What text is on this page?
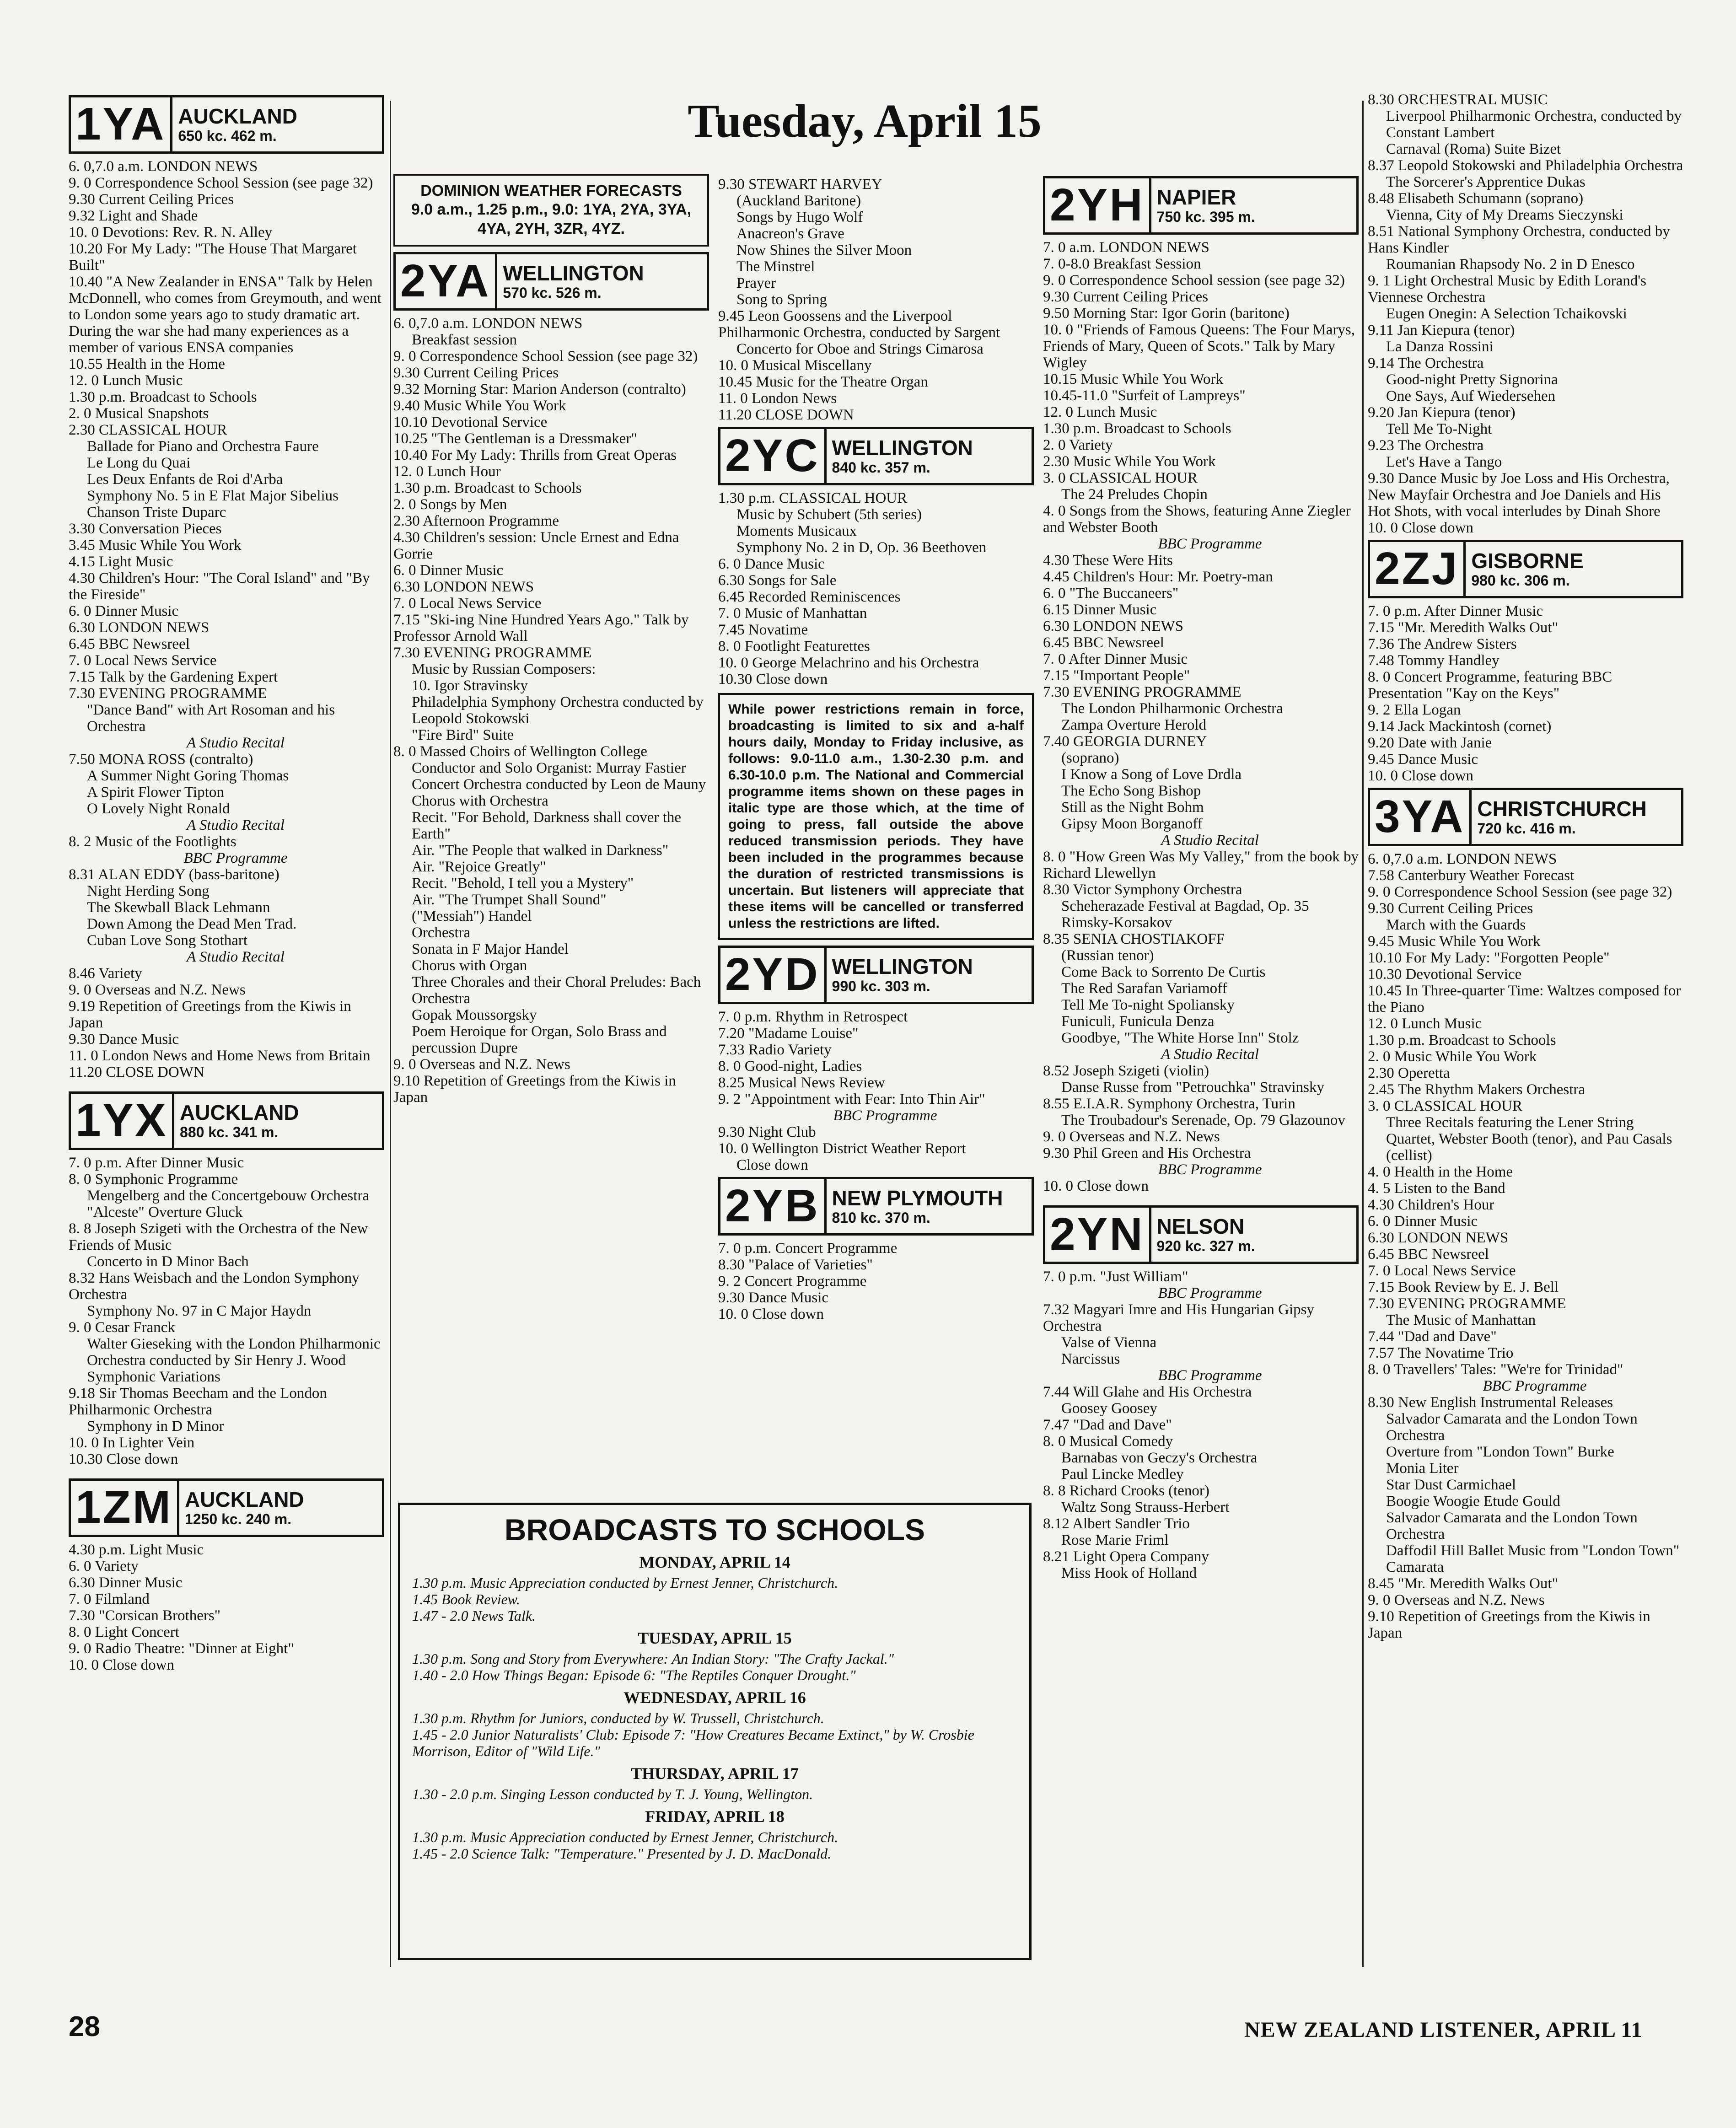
Tuesday, April 15
1YA AUCKLAND
650 kc. 462 m.
6. 0,7.0 a.m. LONDON NEWS
9. 0 Correspondence School Session (see page 32)
9.30 Current Ceiling Prices
9.32 Light and Shade
10. 0 Devotions: Rev. R. N. Alley
10.20 For My Lady: "The House That Margaret Built"
10.40 "A New Zealander in ENSA" Talk by Helen McDonnell, who comes from Greymouth, and went to London some years ago to study dramatic art. During the war she had many experiences as a member of various ENSA companies
10.55 Health in the Home
12. 0 Lunch Music
1.30 p.m. Broadcast to Schools
2. 0 Musical Snapshots
2.30 CLASSICAL HOUR
Ballade for Piano and Orchestra Faure
Le Long du Quai
Les Deux Enfants de Roi d'Arba
Symphony No. 5 in E Flat Major Sibelius
Chanson Triste Duparc
3.30 Conversation Pieces
3.45 Music While You Work
4.15 Light Music
4.30 Children's Hour: "The Coral Island" and "By the Fireside"
6. 0 Dinner Music
6.30 LONDON NEWS
6.45 BBC Newsreel
7. 0 Local News Service
7.15 Talk by the Gardening Expert
7.30 EVENING PROGRAMME
"Dance Band" with Art Rosoman and his Orchestra
A Studio Recital
7.50 MONA ROSS (contralto)
A Summer Night Goring Thomas
A Spirit Flower Tipton
O Lovely Night Ronald
A Studio Recital
8. 2 Music of the Footlights
BBC Programme
8.31 ALAN EDDY (bass-baritone)
Night Herding Song
The Skewball Black Lehmann
Down Among the Dead Men Trad.
Cuban Love Song Stothart
A Studio Recital
8.46 Variety
9. 0 Overseas and N.Z. News
9.19 Repetition of Greetings from the Kiwis in Japan
9.30 Dance Music
11. 0 London News and Home News from Britain
11.20 CLOSE DOWN
1YX AUCKLAND
880 kc. 341 m.
7. 0 p.m. After Dinner Music
8. 0 Symphonic Programme
Mengelberg and the Concertgebouw Orchestra
"Alceste" Overture Gluck
8. 8 Joseph Szigeti with the Orchestra of the New Friends of Music
Concerto in D Minor Bach
8.32 Hans Weisbach and the London Symphony Orchestra
Symphony No. 97 in C Major Haydn
9. 0 Cesar Franck
Walter Gieseking with the London Philharmonic Orchestra conducted by Sir Henry J. Wood
Symphonic Variations
9.18 Sir Thomas Beecham and the London Philharmonic Orchestra
Symphony in D Minor
10. 0 In Lighter Vein
10.30 Close down
1ZM AUCKLAND
1250 kc. 240 m.
4.30 p.m. Light Music
6. 0 Variety
6.30 Dinner Music
7. 0 Filmland
7.30 "Corsican Brothers"
8. 0 Light Concert
9. 0 Radio Theatre: "Dinner at Eight"
10. 0 Close down
DOMINION WEATHER FORECASTS
9.0 a.m., 1.25 p.m., 9.0: 1YA, 2YA, 3YA, 4YA, 2YH, 3ZR, 4YZ.
2YA WELLINGTON
570 kc. 526 m.
6. 0,7.0 a.m. LONDON NEWS
Breakfast session
9. 0 Correspondence School Session (see page 32)
9.30 Current Ceiling Prices
9.32 Morning Star: Marion Anderson (contralto)
9.40 Music While You Work
10.10 Devotional Service
10.25 "The Gentleman is a Dressmaker"
10.40 For My Lady: Thrills from Great Operas
12. 0 Lunch Hour
1.30 p.m. Broadcast to Schools
2. 0 Songs by Men
2.30 Afternoon Programme
4.30 Children's session: Uncle Ernest and Edna Gorrie
6. 0 Dinner Music
6.30 LONDON NEWS
7. 0 Local News Service
7.15 "Ski-ing Nine Hundred Years Ago." Talk by Professor Arnold Wall
7.30 EVENING PROGRAMME
Music by Russian Composers:
10. Igor Stravinsky
Philadelphia Symphony Orchestra conducted by Leopold Stokowski
"Fire Bird" Suite
8. 0 Massed Choirs of Wellington College
Conductor and Solo Organist: Murray Fastier
Concert Orchestra conducted by Leon de Mauny
Chorus with Orchestra
Recit. "For Behold, Darkness shall cover the Earth"
Air. "The People that walked in Darkness"
Air. "Rejoice Greatly"
Recit. "Behold, I tell you a Mystery"
Air. "The Trumpet Shall Sound"
("Messiah") Handel
Orchestra
Sonata in F Major Handel
Chorus with Organ
Three Chorales and their Choral Preludes: Bach
Orchestra
Gopak Moussorgsky
Poem Heroique for Organ, Solo Brass and percussion Dupre
9. 0 Overseas and N.Z. News
9.10 Repetition of Greetings from the Kiwis in Japan
9.30 STEWART HARVEY
(Auckland Baritone)
Songs by Hugo Wolf
Anacreon's Grave
Now Shines the Silver Moon
The Minstrel
Prayer
Song to Spring
9.45 Leon Goossens and the Liverpool Philharmonic Orchestra, conducted by Sargent
Concerto for Oboe and Strings Cimarosa
10. 0 Musical Miscellany
10.45 Music for the Theatre Organ
11. 0 London News
11.20 CLOSE DOWN
2YC WELLINGTON
840 kc. 357 m.
1.30 p.m. CLASSICAL HOUR
Music by Schubert (5th series)
Moments Musicaux
Symphony No. 2 in D, Op. 36 Beethoven
6. 0 Dance Music
6.30 Songs for Sale
6.45 Recorded Reminiscences
7. 0 Music of Manhattan
7.45 Novatime
8. 0 Footlight Featurettes
10. 0 George Melachrino and his Orchestra
10.30 Close down
While power restrictions remain in force, broadcasting is limited to six and a-half hours daily, Monday to Friday inclusive, as follows: 9.0-11.0 a.m., 1.30-2.30 p.m. and 6.30-10.0 p.m. The National and Commercial programme items shown on these pages in italic type are those which, at the time of going to press, fall outside the above reduced transmission periods. They have been included in the programmes because the duration of restricted transmissions is uncertain. But listeners will appreciate that these items will be cancelled or transferred unless the restrictions are lifted.
2YD WELLINGTON
990 kc. 303 m.
7. 0 p.m. Rhythm in Retrospect
7.20 "Madame Louise"
7.33 Radio Variety
8. 0 Good-night, Ladies
8.25 Musical News Review
9. 2 "Appointment with Fear: Into Thin Air"
BBC Programme
9.30 Night Club
10. 0 Wellington District Weather Report
Close down
2YB NEW PLYMOUTH
810 kc. 370 m.
7. 0 p.m. Concert Programme
8.30 "Palace of Varieties"
9. 2 Concert Programme
9.30 Dance Music
10. 0 Close down
2YH NAPIER
750 kc. 395 m.
7. 0 a.m. LONDON NEWS
7. 0-8.0 Breakfast Session
9. 0 Correspondence School session (see page 32)
9.30 Current Ceiling Prices
9.50 Morning Star: Igor Gorin (baritone)
10. 0 "Friends of Famous Queens: The Four Marys, Friends of Mary, Queen of Scots." Talk by Mary Wigley
10.15 Music While You Work
10.45-11.0 "Surfeit of Lampreys"
12. 0 Lunch Music
1.30 p.m. Broadcast to Schools
2. 0 Variety
2.30 Music While You Work
3. 0 CLASSICAL HOUR
The 24 Preludes Chopin
4. 0 Songs from the Shows, featuring Anne Ziegler and Webster Booth
BBC Programme
4.30 These Were Hits
4.45 Children's Hour: Mr. Poetry-man
6. 0 "The Buccaneers"
6.15 Dinner Music
6.30 LONDON NEWS
6.45 BBC Newsreel
7. 0 After Dinner Music
7.15 "Important People"
7.30 EVENING PROGRAMME
The London Philharmonic Orchestra
Zampa Overture Herold
7.40 GEORGIA DURNEY
(soprano)
I Know a Song of Love Drdla
The Echo Song Bishop
Still as the Night Bohm
Gipsy Moon Borganoff
A Studio Recital
8. 0 "How Green Was My Valley," from the book by Richard Llewellyn
8.30 Victor Symphony Orchestra
Scheherazade Festival at Bagdad, Op. 35 Rimsky-Korsakov
8.35 SENIA CHOSTIAKOFF
(Russian tenor)
Come Back to Sorrento De Curtis
The Red Sarafan Variamoff
Tell Me To-night Spoliansky
Funiculi, Funicula Denza
Goodbye, "The White Horse Inn" Stolz
A Studio Recital
8.52 Joseph Szigeti (violin)
Danse Russe from "Petrouchka" Stravinsky
8.55 E.I.A.R. Symphony Orchestra, Turin
The Troubadour's Serenade, Op. 79 Glazounov
9. 0 Overseas and N.Z. News
9.30 Phil Green and His Orchestra
BBC Programme
10. 0 Close down
2YN NELSON
920 kc. 327 m.
7. 0 p.m. "Just William"
BBC Programme
7.32 Magyari Imre and His Hungarian Gipsy Orchestra
Valse of Vienna
Narcissus
BBC Programme
7.44 Will Glahe and His Orchestra
Goosey Goosey
7.47 "Dad and Dave"
8. 0 Musical Comedy
Barnabas von Geczy's Orchestra
Paul Lincke Medley
8. 8 Richard Crooks (tenor)
Waltz Song Strauss-Herbert
8.12 Albert Sandler Trio
Rose Marie Friml
8.21 Light Opera Company
Miss Hook of Holland
8.30 ORCHESTRAL MUSIC
Liverpool Philharmonic Orchestra, conducted by Constant Lambert
Carnaval (Roma) Suite Bizet
8.37 Leopold Stokowski and Philadelphia Orchestra
The Sorcerer's Apprentice Dukas
8.48 Elisabeth Schumann (soprano)
Vienna, City of My Dreams Sieczynski
8.51 National Symphony Orchestra, conducted by Hans Kindler
Roumanian Rhapsody No. 2 in D Enesco
9. 1 Light Orchestral Music by Edith Lorand's Viennese Orchestra
Eugen Onegin: A Selection Tchaikovski
9.11 Jan Kiepura (tenor)
La Danza Rossini
9.14 The Orchestra
Good-night Pretty Signorina
One Says, Auf Wiedersehen
9.20 Jan Kiepura (tenor)
Tell Me To-Night
9.23 The Orchestra
Let's Have a Tango
9.30 Dance Music by Joe Loss and His Orchestra, New Mayfair Orchestra and Joe Daniels and His Hot Shots, with vocal interludes by Dinah Shore
10. 0 Close down
2ZJ GISBORNE
980 kc. 306 m.
7. 0 p.m. After Dinner Music
7.15 "Mr. Meredith Walks Out"
7.36 The Andrew Sisters
7.48 Tommy Handley
8. 0 Concert Programme, featuring BBC Presentation "Kay on the Keys"
9. 2 Ella Logan
9.14 Jack Mackintosh (cornet)
9.20 Date with Janie
9.45 Dance Music
10. 0 Close down
3YA CHRISTCHURCH
720 kc. 416 m.
6. 0,7.0 a.m. LONDON NEWS
7.58 Canterbury Weather Forecast
9. 0 Correspondence School Session (see page 32)
9.30 Current Ceiling Prices
March with the Guards
9.45 Music While You Work
10.10 For My Lady: "Forgotten People"
10.30 Devotional Service
10.45 In Three-quarter Time: Waltzes composed for the Piano
12. 0 Lunch Music
1.30 p.m. Broadcast to Schools
2. 0 Music While You Work
2.30 Operetta
2.45 The Rhythm Makers Orchestra
3. 0 CLASSICAL HOUR
Three Recitals featuring the Lener String Quartet, Webster Booth (tenor), and Pau Casals (cellist)
4. 0 Health in the Home
4. 5 Listen to the Band
4.30 Children's Hour
6. 0 Dinner Music
6.30 LONDON NEWS
6.45 BBC Newsreel
7. 0 Local News Service
7.15 Book Review by E. J. Bell
7.30 EVENING PROGRAMME
The Music of Manhattan
7.44 "Dad and Dave"
7.57 The Novatime Trio
8. 0 Travellers' Tales: "We're for Trinidad"
BBC Programme
8.30 New English Instrumental Releases
Salvador Camarata and the London Town Orchestra
Overture from "London Town" Burke
Monia Liter
Star Dust Carmichael
Boogie Woogie Etude Gould
Salvador Camarata and the London Town Orchestra
Daffodil Hill Ballet Music from "London Town" Camarata
8.45 "Mr. Meredith Walks Out"
9. 0 Overseas and N.Z. News
9.10 Repetition of Greetings from the Kiwis in Japan
BROADCASTS TO SCHOOLS
MONDAY, APRIL 14
1.30 p.m. Music Appreciation conducted by Ernest Jenner, Christchurch.
1.45 Book Review.
1.47 - 2.0 News Talk.
TUESDAY, APRIL 15
1.30 p.m. Song and Story from Everywhere: An Indian Story: "The Crafty Jackal."
1.40 - 2.0 How Things Began: Episode 6: "The Reptiles Conquer Drought."
WEDNESDAY, APRIL 16
1.30 p.m. Rhythm for Juniors, conducted by W. Trussell, Christchurch.
1.45 - 2.0 Junior Naturalists' Club: Episode 7: "How Creatures Became Extinct," by W. Crosbie Morrison, Editor of "Wild Life."
THURSDAY, APRIL 17
1.30 - 2.0 p.m. Singing Lesson conducted by T. J. Young, Wellington.
FRIDAY, APRIL 18
1.30 p.m. Music Appreciation conducted by Ernest Jenner, Christchurch.
1.45 - 2.0 Science Talk: "Temperature." Presented by J. D. MacDonald.
28	NEW ZEALAND LISTENER, APRIL 11
